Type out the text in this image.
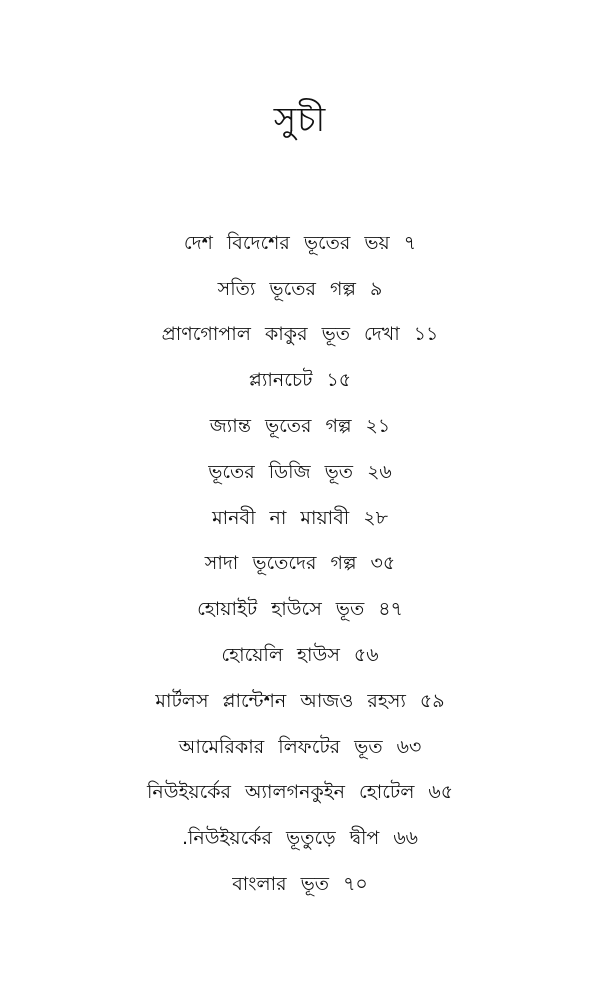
সুচী
দেশ বিদেশের ভূতের ভয় ৭
সত্যি ভূতের গল্প ৯
প্রাণগোপাল কাকুর ভূত দেখা ১১
প্ল্যানচেট ১৫
জ্যান্ত ভূতের গল্প ২১
ভূতের ডিজি ভূত ২৬
মানবী না মায়াবী ২৮
সাদা ভূতেদের গল্প ৩৫
হোয়াইট হাউসে ভূত ৪৭
হোয়েলি হাউস ৫৬
মার্টলস প্লান্টেশন আজও রহস্য ৫৯
আমেরিকার লিফটের ভূত ৬৩
নিউইয়র্কের অ্যালগনকুইন হোটেল ৬৫
.নিউইয়র্কের ভূতুড়ে দ্বীপ ৬৬
বাংলার ভূত ৭০
